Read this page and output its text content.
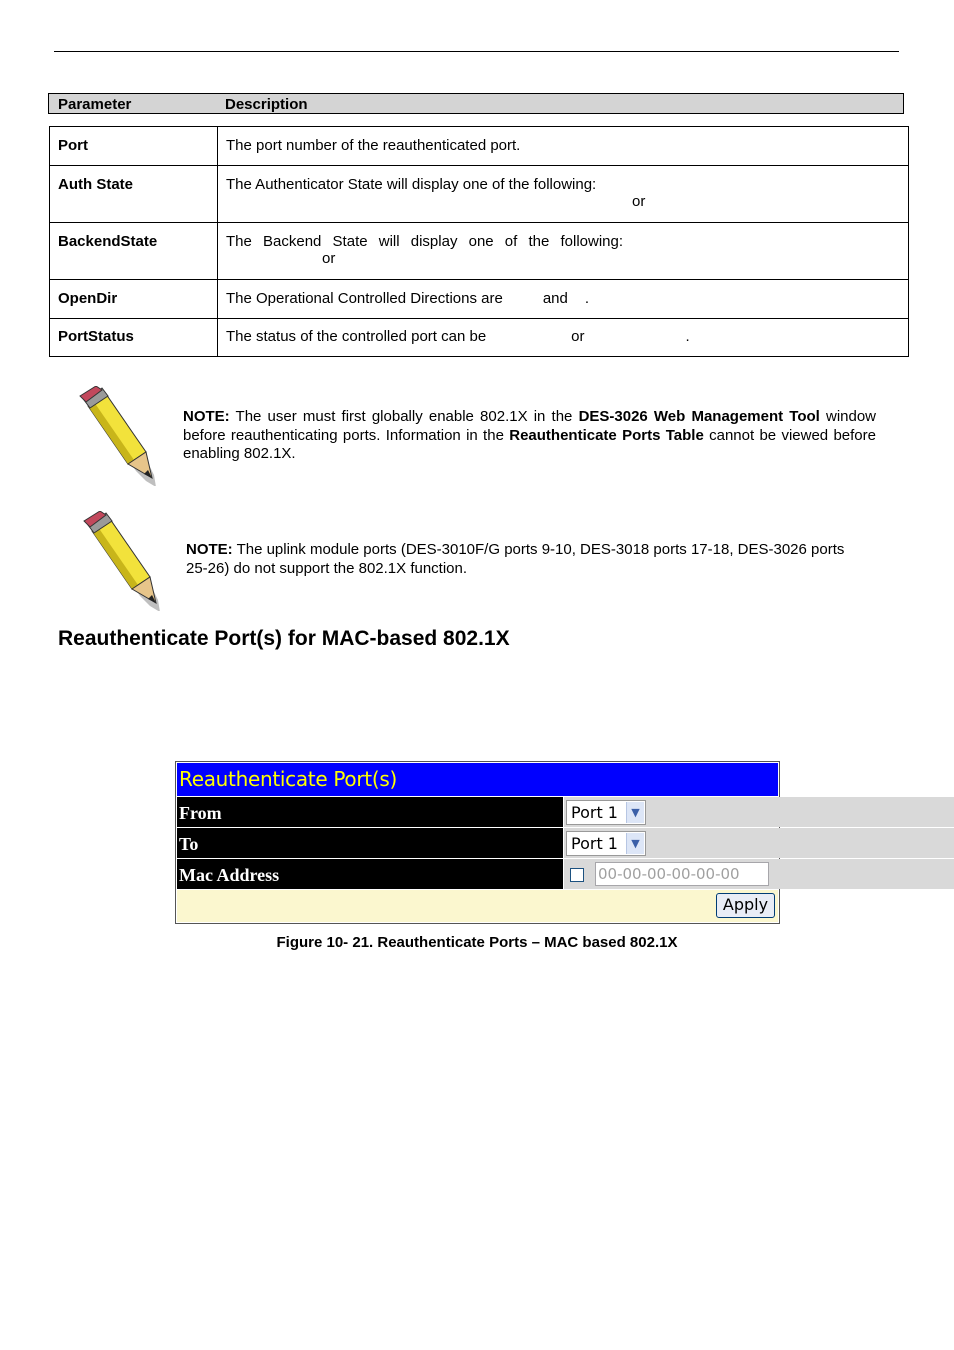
Parameter	Description
Port	The port number of the reauthenticated port.
Auth State	The Authenticator State will display one of the following:
or

BackendState	The Backend State will display one of the following:
or

OpenDir	The Operational Controlled Directions are and .
PortStatus	The status of the controlled port can be or .
NOTE: The user must first globally enable 802.1X in the DES-3026 Web Management Tool window before reauthenticating ports. Information in the Reauthenticate Ports Table cannot be viewed before enabling 802.1X.
NOTE: The uplink module ports (DES-3010F/G ports 9-10, DES-3018 ports 17-18, DES-3026 ports 25-26) do not support the 802.1X function.
Reauthenticate Port(s) for MAC-based 802.1X
Reauthenticate Port(s)
From	Port 1	▼
To	Port 1	▼
Mac Address	00-00-00-00-00-00
Apply
Figure 10- 21. Reauthenticate Ports – MAC based 802.1X
